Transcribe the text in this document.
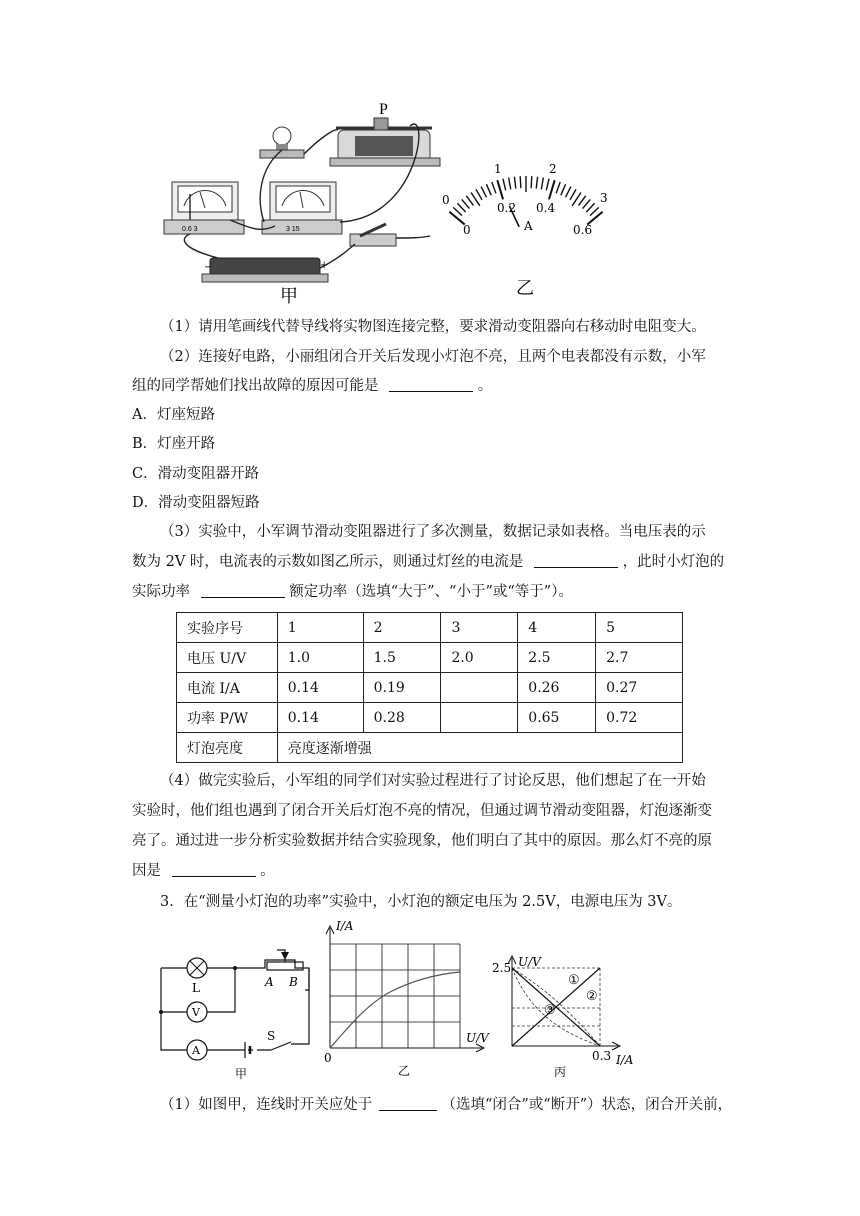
P
0.6 3	3 15
−	+
甲
0
1	2
3
0
0.2 0.4
0.6
A
乙
（1）请用笔画线代替导线将实物图连接完整，要求滑动变阻器向右移动时电阻变大。
（2）连接好电路，小丽组闭合开关后发现小灯泡不亮，且两个电表都没有示数，小军
组的同学帮她们找出故障的原因可能是	。
A．灯座短路
B．灯座开路
C．滑动变阻器开路
D．滑动变阻器短路
（3）实验中，小军调节滑动变阻器进行了多次测量，数据记录如表格。当电压表的示
数为 2V 时，电流表的示数如图乙所示，则通过灯丝的电流是	，此时小灯泡的
实际功率	额定功率（选填“大于”、“小于”或“等于”）。
实验序号	1	2	3	4	5
电压 U/V	1.0	1.5	2.0	2.5	2.7
电流 I/A	0.14	0.19		0.26	0.27
功率 P/W	0.14	0.28		0.65	0.72
灯泡亮度	亮度逐渐增强				
（4）做完实验后，小军组的同学们对实验过程进行了讨论反思，他们想起了在一开始
实验时，他们组也遇到了闭合开关后灯泡不亮的情况，但通过调节滑动变阻器，灯泡逐渐变
亮了。通过进一步分析实验数据并结合实验现象，他们明白了其中的原因。那么灯不亮的原
因是	。
3．在“测量小灯泡的功率”实验中，小灯泡的额定电压为 2.5V，电源电压为 3V。
L
V
A
S
A B
甲
I/A
U/V
0
乙
U/V
I/A
2.5
0.3
①
②
③
丙
（1）如图甲，连线时开关应处于	（选填“闭合”或“断开”）状态，闭合开关前，
